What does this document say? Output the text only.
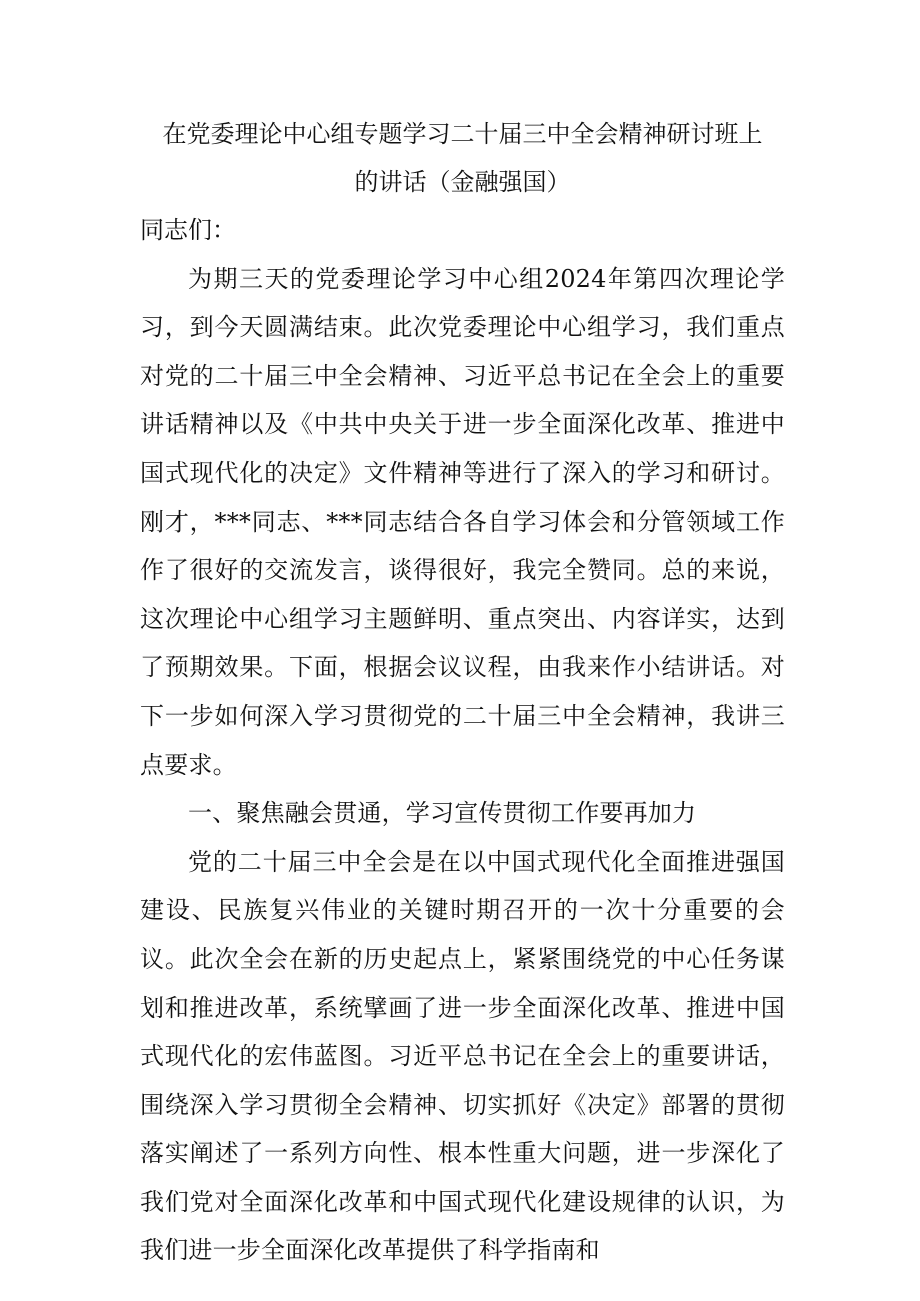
在党委理论中心组专题学习二十届三中全会精神研讨班上
的讲话（金融强国）

同志们：

为期三天的党委理论学习中心组2024年第四次理论学习，到今天圆满结束。此次党委理论中心组学习，我们重点对党的二十届三中全会精神、习近平总书记在全会上的重要讲话精神以及《中共中央关于进一步全面深化改革、推进中国式现代化的决定》文件精神等进行了深入的学习和研讨。刚才，***同志、***同志结合各自学习体会和分管领域工作作了很好的交流发言，谈得很好，我完全赞同。总的来说，这次理论中心组学习主题鲜明、重点突出、内容详实，达到了预期效果。下面，根据会议议程，由我来作小结讲话。对下一步如何深入学习贯彻党的二十届三中全会精神，我讲三点要求。

一、聚焦融会贯通，学习宣传贯彻工作要再加力

党的二十届三中全会是在以中国式现代化全面推进强国建设、民族复兴伟业的关键时期召开的一次十分重要的会议。此次全会在新的历史起点上，紧紧围绕党的中心任务谋划和推进改革，系统擘画了进一步全面深化改革、推进中国式现代化的宏伟蓝图。习近平总书记在全会上的重要讲话，围绕深入学习贯彻全会精神、切实抓好《决定》部署的贯彻落实阐述了一系列方向性、根本性重大问题，进一步深化了我们党对全面深化改革和中国式现代化建设规律的认识，为我们进一步全面深化改革提供了科学指南和
